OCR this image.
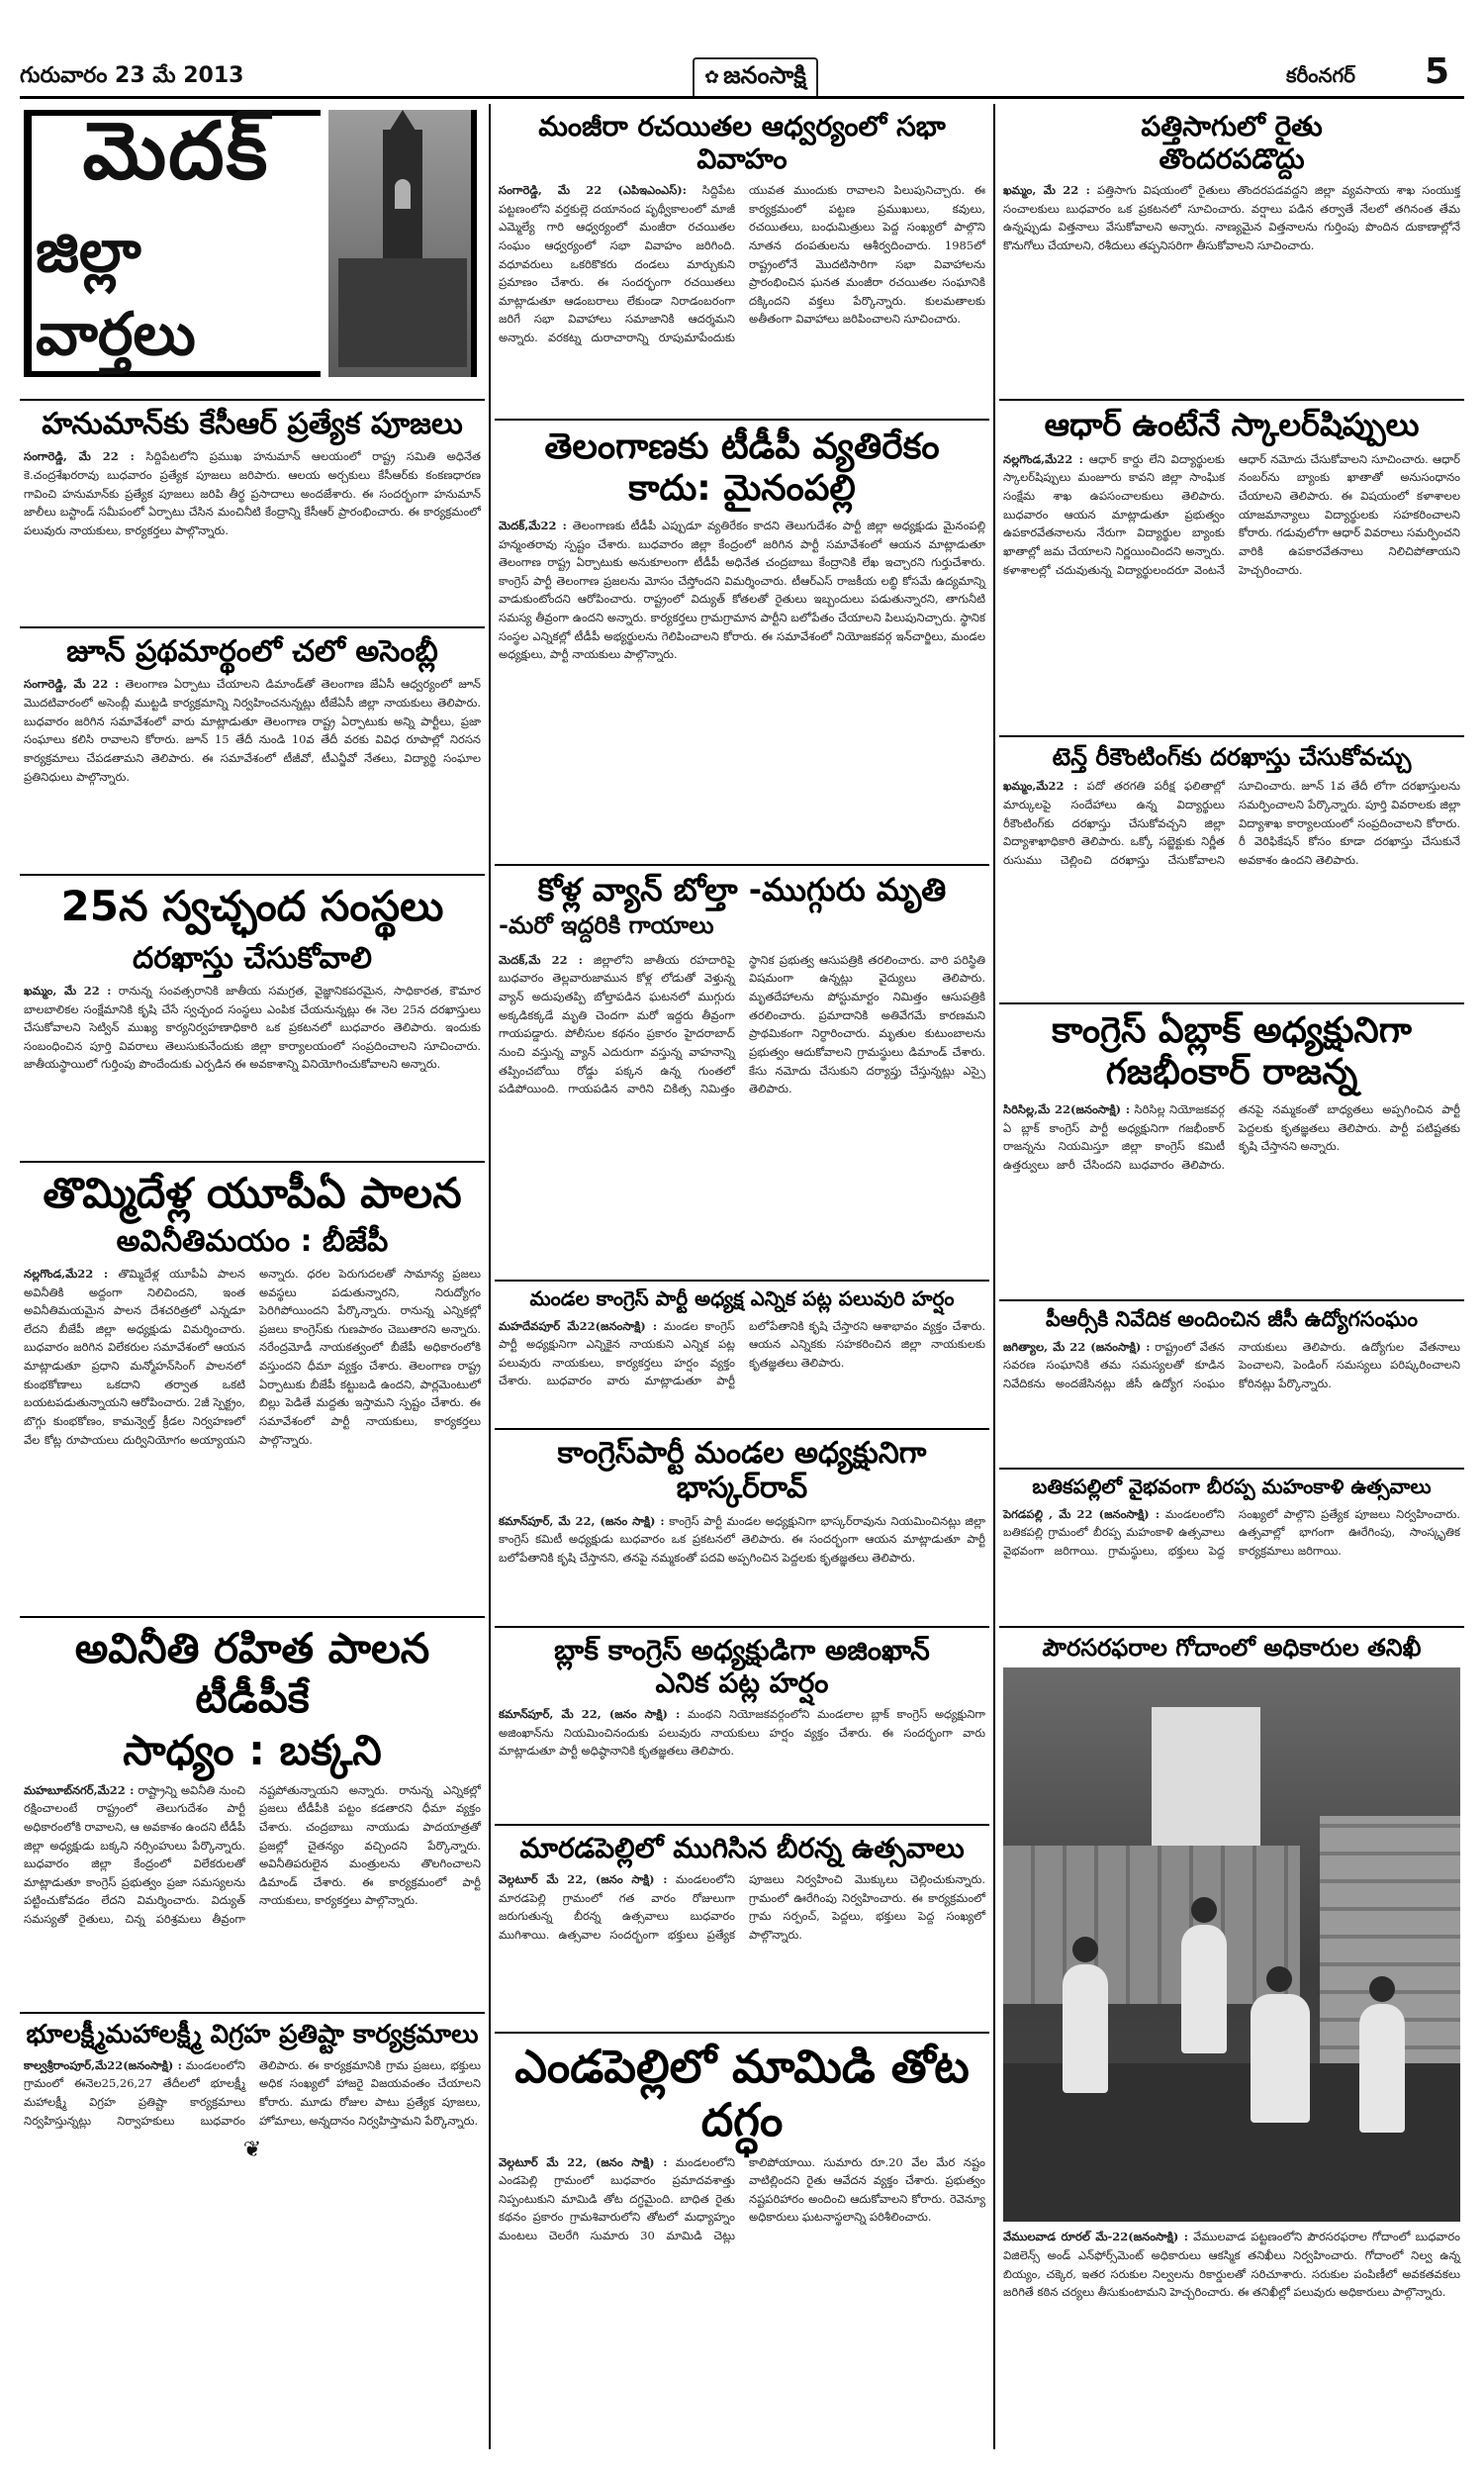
గురువారం 23 మే 2013	✿ జనంసాక్షి	కరీంనగర్ 5
మెదక్
జిల్లా వార్తలు
హనుమాన్‌కు కేసీఆర్ ప్రత్యేక పూజలు
సంగారెడ్డి, మే 22 : సిద్దిపేటలోని ప్రముఖ హనుమాన్ ఆలయంలో రాష్ట్ర సమితి అధినేత కె.చంద్రశేఖరరావు బుధవారం ప్రత్యేక పూజలు జరిపారు. ఆలయ అర్చకులు కేసీఆర్‌కు కంకణధారణ గావించి హనుమాన్‌కు ప్రత్యేక పూజలు జరిపి తీర్థ ప్రసాదాలు అందజేశారు. ఈ సందర్భంగా హనుమాన్ జాలీలు బస్టాండ్ సమీపంలో ఏర్పాటు చేసిన మంచినీటి కేంద్రాన్ని కేసీఆర్ ప్రారంభించారు. ఈ కార్యక్రమంలో పలువురు నాయకులు, కార్యకర్తలు పాల్గొన్నారు.
జూన్ ప్రథమార్థంలో చలో అసెంబ్లీ
సంగారెడ్డి, మే 22 : తెలంగాణ ఏర్పాటు చేయాలని డిమాండ్‌తో తెలంగాణ జేఏసీ ఆధ్వర్యంలో జూన్ మొదటివారంలో అసెంబ్లీ ముట్టడి కార్యక్రమాన్ని నిర్వహించనున్నట్లు టీజేఏసీ జిల్లా నాయకులు తెలిపారు. బుధవారం జరిగిన సమావేశంలో వారు మాట్లాడుతూ తెలంగాణ రాష్ట్ర ఏర్పాటుకు అన్ని పార్టీలు, ప్రజా సంఘాలు కలిసి రావాలని కోరారు. జూన్ 15 తేదీ నుండి 10వ తేదీ వరకు వివిధ రూపాల్లో నిరసన కార్యక్రమాలు చేపడతామని తెలిపారు. ఈ సమావేశంలో టీజీవో, టీఎన్జీవో నేతలు, విద్యార్థి సంఘాల ప్రతినిధులు పాల్గొన్నారు.
25న స్వచ్ఛంద సంస్థలు
దరఖాస్తు చేసుకోవాలి
ఖమ్మం, మే 22 : రానున్న సంవత్సరానికి జాతీయ సమగ్రత, వైజ్ఞానికపరమైన, సాధికారత, కౌమార బాలబాలికల సంక్షేమానికి కృషి చేసే స్వచ్ఛంద సంస్థలు ఎంపిక చేయనున్నట్లు ఈ నెల 25న దరఖాస్తులు చేసుకోవాలని సెట్విన్ ముఖ్య కార్యనిర్వహణాధికారి ఒక ప్రకటనలో బుధవారం తెలిపారు. ఇందుకు సంబంధించిన పూర్తి వివరాలు తెలుసుకునేందుకు జిల్లా కార్యాలయంలో సంప్రదించాలని సూచించారు. జాతీయస్థాయిలో గుర్తింపు పొందేందుకు ఎర్పడిన ఈ అవకాశాన్ని వినియోగించుకోవాలని అన్నారు.
తొమ్మిదేళ్ల యూపీఏ పాలన
అవినీతిమయం : బీజేపీ
నల్లగొండ,మే22 : తొమ్మిదేళ్ల యూపీఏ పాలన అవినీతికి అద్దంగా నిలిచిందని, ఇంత అవినీతిమయమైన పాలన దేశచరిత్రలో ఎన్నడూ లేదని బీజేపీ జిల్లా అధ్యక్షుడు విమర్శించారు. బుధవారం జరిగిన విలేకరుల సమావేశంలో ఆయన మాట్లాడుతూ ప్రధాని మన్మోహన్‌సింగ్ పాలనలో కుంభకోణాలు ఒకదాని తర్వాత ఒకటి బయటపడుతున్నాయని ఆరోపించారు. 2జీ స్పెక్ట్రం, బొగ్గు కుంభకోణం, కామన్వెల్త్ క్రీడల నిర్వహణలో వేల కోట్ల రూపాయలు దుర్వినియోగం అయ్యాయని అన్నారు. ధరల పెరుగుదలతో సామాన్య ప్రజలు అవస్థలు పడుతున్నారని, నిరుద్యోగం పెరిగిపోయిందని పేర్కొన్నారు. రానున్న ఎన్నికల్లో ప్రజలు కాంగ్రెస్‌కు గుణపాఠం చెబుతారని అన్నారు. నరేంద్రమోడీ నాయకత్వంలో బీజేపీ అధికారంలోకి వస్తుందని ధీమా వ్యక్తం చేశారు. తెలంగాణ రాష్ట్ర ఏర్పాటుకు బీజేపీ కట్టుబడి ఉందని, పార్లమెంటులో బిల్లు పెడితే మద్దతు ఇస్తామని స్పష్టం చేశారు. ఈ సమావేశంలో పార్టీ నాయకులు, కార్యకర్తలు పాల్గొన్నారు.
అవినీతి రహిత పాలన టీడీపీకే
సాధ్యం : బక్కని
మహబూబ్‌నగర్,మే22 : రాష్ట్రాన్ని అవినీతి నుంచి రక్షించాలంటే రాష్ట్రంలో తెలుగుదేశం పార్టీ అధికారంలోకి రావాలని, ఆ అవకాశం ఉందని టీడీపీ జిల్లా అధ్యక్షుడు బక్కని నర్సింహులు పేర్కొన్నారు. బుధవారం జిల్లా కేంద్రంలో విలేకరులతో మాట్లాడుతూ కాంగ్రెస్ ప్రభుత్వం ప్రజా సమస్యలను పట్టించుకోవడం లేదని విమర్శించారు. విద్యుత్ సమస్యతో రైతులు, చిన్న పరిశ్రమలు తీవ్రంగా నష్టపోతున్నాయని అన్నారు. రానున్న ఎన్నికల్లో ప్రజలు టీడీపీకి పట్టం కడతారని ధీమా వ్యక్తం చేశారు. చంద్రబాబు నాయుడు పాదయాత్రతో ప్రజల్లో చైతన్యం వచ్చిందని పేర్కొన్నారు. అవినీతిపరులైన మంత్రులను తొలగించాలని డిమాండ్ చేశారు. ఈ కార్యక్రమంలో పార్టీ నాయకులు, కార్యకర్తలు పాల్గొన్నారు.
భూలక్ష్మీమహాలక్ష్మీ విగ్రహ ప్రతిష్టా కార్యక్రమాలు
కాల్వశ్రీరాంపూర్,మే22(జనంసాక్షి) : మండలంలోని గ్రామంలో ఈనెల25,26,27 తేదీలలో భూలక్ష్మీ మహాలక్ష్మీ విగ్రహ ప్రతిష్టా కార్యక్రమాలు నిర్వహిస్తున్నట్లు నిర్వాహకులు బుధవారం తెలిపారు. ఈ కార్యక్రమానికి గ్రామ ప్రజలు, భక్తులు అధిక సంఖ్యలో హాజరై విజయవంతం చేయాలని కోరారు. మూడు రోజుల పాటు ప్రత్యేక పూజలు, హోమాలు, అన్నదానం నిర్వహిస్తామని పేర్కొన్నారు.
❦
మంజీరా రచయితల ఆధ్వర్యంలో సభా వివాహం
సంగారెడ్డి, మే 22 (ఎపిఇఎంఎస్): సిద్దిపేట పట్టణంలోని వర్తకుల్లె దయానంద పృథ్వీకాలంలో మాజీ ఎమ్మెల్యే గారి ఆధ్వర్యంలో మంజీరా రచయితల సంఘం ఆధ్వర్యంలో సభా వివాహం జరిగింది. వధూవరులు ఒకరికొకరు దండలు మార్చుకుని ప్రమాణం చేశారు. ఈ సందర్భంగా రచయితలు మాట్లాడుతూ ఆడంబరాలు లేకుండా నిరాడంబరంగా జరిగే సభా వివాహాలు సమాజానికి ఆదర్శమని అన్నారు. వరకట్న దురాచారాన్ని రూపుమాపేందుకు యువత ముందుకు రావాలని పిలుపునిచ్చారు. ఈ కార్యక్రమంలో పట్టణ ప్రముఖులు, కవులు, రచయితలు, బంధుమిత్రులు పెద్ద సంఖ్యలో పాల్గొని నూతన దంపతులను ఆశీర్వదించారు. 1985లో రాష్ట్రంలోనే మొదటిసారిగా సభా వివాహాలను ప్రారంభించిన ఘనత మంజీరా రచయితల సంఘానికి దక్కిందని వక్తలు పేర్కొన్నారు. కులమతాలకు అతీతంగా వివాహాలు జరిపించాలని సూచించారు.
తెలంగాణకు టీడీపీ వ్యతిరేకం
కాదు: మైనంపల్లి
మెదక్,మే22 : తెలంగాణకు టీడీపీ ఎప్పుడూ వ్యతిరేకం కాదని తెలుగుదేశం పార్టీ జిల్లా అధ్యక్షుడు మైనంపల్లి హన్మంతరావు స్పష్టం చేశారు. బుధవారం జిల్లా కేంద్రంలో జరిగిన పార్టీ సమావేశంలో ఆయన మాట్లాడుతూ తెలంగాణ రాష్ట్ర ఏర్పాటుకు అనుకూలంగా టీడీపీ అధినేత చంద్రబాబు కేంద్రానికి లేఖ ఇచ్చారని గుర్తుచేశారు. కాంగ్రెస్ పార్టీ తెలంగాణ ప్రజలను మోసం చేస్తోందని విమర్శించారు. టీఆర్ఎస్ రాజకీయ లబ్ధి కోసమే ఉద్యమాన్ని వాడుకుంటోందని ఆరోపించారు. రాష్ట్రంలో విద్యుత్ కోతలతో రైతులు ఇబ్బందులు పడుతున్నారని, తాగునీటి సమస్య తీవ్రంగా ఉందని అన్నారు. కార్యకర్తలు గ్రామగ్రామాన పార్టీని బలోపేతం చేయాలని పిలుపునిచ్చారు. స్థానిక సంస్థల ఎన్నికల్లో టీడీపీ అభ్యర్థులను గెలిపించాలని కోరారు. ఈ సమావేశంలో నియోజకవర్గ ఇన్‌చార్జిలు, మండల అధ్యక్షులు, పార్టీ నాయకులు పాల్గొన్నారు.
కోళ్ల వ్యాన్ బోల్తా -ముగ్గురు మృతి
-మరో ఇద్దరికి గాయాలు
మెదక్,మే 22 : జిల్లాలోని జాతీయ రహదారిపై బుధవారం తెల్లవారుజామున కోళ్ల లోడుతో వెళ్తున్న వ్యాన్ అదుపుతప్పి బోల్తాపడిన ఘటనలో ముగ్గురు అక్కడికక్కడే మృతి చెందగా మరో ఇద్దరు తీవ్రంగా గాయపడ్డారు. పోలీసుల కథనం ప్రకారం హైదరాబాద్ నుంచి వస్తున్న వ్యాన్ ఎదురుగా వస్తున్న వాహనాన్ని తప్పించబోయి రోడ్డు పక్కన ఉన్న గుంతలో పడిపోయింది. గాయపడిన వారిని చికిత్స నిమిత్తం స్థానిక ప్రభుత్వ ఆసుపత్రికి తరలించారు. వారి పరిస్థితి విషమంగా ఉన్నట్లు వైద్యులు తెలిపారు. మృతదేహాలను పోస్టుమార్టం నిమిత్తం ఆసుపత్రికి తరలించారు. ప్రమాదానికి అతివేగమే కారణమని ప్రాథమికంగా నిర్ధారించారు. మృతుల కుటుంబాలను ప్రభుత్వం ఆదుకోవాలని గ్రామస్థులు డిమాండ్ చేశారు. కేసు నమోదు చేసుకుని దర్యాప్తు చేస్తున్నట్లు ఎస్సై తెలిపారు.
మండల కాంగ్రెస్ పార్టీ అధ్యక్ష ఎన్నిక పట్ల పలువురి హర్షం
మహదేవపూర్ మే22(జనంసాక్షి) : మండల కాంగ్రెస్ పార్టీ అధ్యక్షునిగా ఎన్నికైన నాయకుని ఎన్నిక పట్ల పలువురు నాయకులు, కార్యకర్తలు హర్షం వ్యక్తం చేశారు. బుధవారం వారు మాట్లాడుతూ పార్టీ బలోపేతానికి కృషి చేస్తారని ఆశాభావం వ్యక్తం చేశారు. ఆయన ఎన్నికకు సహకరించిన జిల్లా నాయకులకు కృతజ్ఞతలు తెలిపారు.
కాంగ్రెస్‌పార్టీ మండల అధ్యక్షునిగా
భాస్కర్‌రావ్
కమాన్‌పూర్, మే 22, (జనం సాక్షి) : కాంగ్రెస్ పార్టీ మండల అధ్యక్షునిగా భాస్కర్‌రావును నియమించినట్లు జిల్లా కాంగ్రెస్ కమిటీ అధ్యక్షుడు బుధవారం ఒక ప్రకటనలో తెలిపారు. ఈ సందర్భంగా ఆయన మాట్లాడుతూ పార్టీ బలోపేతానికి కృషి చేస్తానని, తనపై నమ్మకంతో పదవి అప్పగించిన పెద్దలకు కృతజ్ఞతలు తెలిపారు.
బ్లాక్ కాంగ్రెస్ అధ్యక్షుడిగా అజింఖాన్
ఎనిక పట్ల హర్షం
కమాన్‌పూర్, మే 22, (జనం సాక్షి) : మంథని నియోజకవర్గంలోని మండలాల బ్లాక్ కాంగ్రెస్ అధ్యక్షునిగా అజింఖాన్‌ను నియమించినందుకు పలువురు నాయకులు హర్షం వ్యక్తం చేశారు. ఈ సందర్భంగా వారు మాట్లాడుతూ పార్టీ అధిష్ఠానానికి కృతజ్ఞతలు తెలిపారు.
మారడపెల్లిలో ముగిసిన బీరన్న ఉత్సవాలు
వెల్గటూర్ మే 22, (జనం సాక్షి) : మండలంలోని మారడపెల్లి గ్రామంలో గత వారం రోజులుగా జరుగుతున్న బీరన్న ఉత్సవాలు బుధవారం ముగిశాయి. ఉత్సవాల సందర్భంగా భక్తులు ప్రత్యేక పూజలు నిర్వహించి మొక్కులు చెల్లించుకున్నారు. గ్రామంలో ఊరేగింపు నిర్వహించారు. ఈ కార్యక్రమంలో గ్రామ సర్పంచ్, పెద్దలు, భక్తులు పెద్ద సంఖ్యలో పాల్గొన్నారు.
ఎండపెల్లిలో మామిడి తోట దగ్ధం
వెల్గటూర్ మే 22, (జనం సాక్షి) : మండలంలోని ఎండపెల్లి గ్రామంలో బుధవారం ప్రమాదవశాత్తు నిప్పంటుకుని మామిడి తోట దగ్ధమైంది. బాధిత రైతు కథనం ప్రకారం గ్రామశివారులోని తోటలో మధ్యాహ్నం మంటలు చెలరేగి సుమారు 30 మామిడి చెట్లు కాలిపోయాయి. సుమారు రూ.20 వేల మేర నష్టం వాటిల్లిందని రైతు ఆవేదన వ్యక్తం చేశారు. ప్రభుత్వం నష్టపరిహారం అందించి ఆదుకోవాలని కోరారు. రెవెన్యూ అధికారులు ఘటనాస్థలాన్ని పరిశీలించారు.
పత్తిసాగులో రైతు
తొందరపడొద్దు
ఖమ్మం, మే 22 : పత్తిసాగు విషయంలో రైతులు తొందరపడవద్దని జిల్లా వ్యవసాయ శాఖ సంయుక్త సంచాలకులు బుధవారం ఒక ప్రకటనలో సూచించారు. వర్షాలు పడిన తర్వాతే నేలలో తగినంత తేమ ఉన్నప్పుడు విత్తనాలు వేసుకోవాలని అన్నారు. నాణ్యమైన విత్తనాలను గుర్తింపు పొందిన దుకాణాల్లోనే కొనుగోలు చేయాలని, రశీదులు తప్పనిసరిగా తీసుకోవాలని సూచించారు.
ఆధార్ ఉంటేనే స్కాలర్‌షిప్పులు
నల్లగొండ,మే22 : ఆధార్ కార్డు లేని విద్యార్థులకు స్కాలర్‌షిప్పులు మంజూరు కావని జిల్లా సాంఘిక సంక్షేమ శాఖ ఉపసంచాలకులు తెలిపారు. బుధవారం ఆయన మాట్లాడుతూ ప్రభుత్వం ఉపకారవేతనాలను నేరుగా విద్యార్థుల బ్యాంకు ఖాతాల్లో జమ చేయాలని నిర్ణయించిందని అన్నారు. కళాశాలల్లో చదువుతున్న విద్యార్థులందరూ వెంటనే ఆధార్ నమోదు చేసుకోవాలని సూచించారు. ఆధార్ నంబర్‌ను బ్యాంకు ఖాతాతో అనుసంధానం చేయాలని తెలిపారు. ఈ విషయంలో కళాశాలల యాజమాన్యాలు విద్యార్థులకు సహకరించాలని కోరారు. గడువులోగా ఆధార్ వివరాలు సమర్పించని వారికి ఉపకారవేతనాలు నిలిచిపోతాయని హెచ్చరించారు.
టెన్త్ రీకౌంటింగ్‌కు దరఖాస్తు చేసుకోవచ్చు
ఖమ్మం,మే22 : పదో తరగతి పరీక్ష ఫలితాల్లో మార్కులపై సందేహాలు ఉన్న విద్యార్థులు రీకౌంటింగ్‌కు దరఖాస్తు చేసుకోవచ్చని జిల్లా విద్యాశాఖాధికారి తెలిపారు. ఒక్కో సబ్జెక్టుకు నిర్ణీత రుసుము చెల్లించి దరఖాస్తు చేసుకోవాలని సూచించారు. జూన్ 1వ తేదీ లోగా దరఖాస్తులను సమర్పించాలని పేర్కొన్నారు. పూర్తి వివరాలకు జిల్లా విద్యాశాఖ కార్యాలయంలో సంప్రదించాలని కోరారు. రీ వెరిఫికేషన్ కోసం కూడా దరఖాస్తు చేసుకునే అవకాశం ఉందని తెలిపారు.
కాంగ్రెస్ ఏబ్లాక్ అధ్యక్షునిగా
గజభీంకార్ రాజన్న
సిరిసిల్ల,మే 22(జనంసాక్షి) : సిరిసిల్ల నియోజకవర్గ ఏ బ్లాక్ కాంగ్రెస్ పార్టీ అధ్యక్షునిగా గజభీంకార్ రాజన్నను నియమిస్తూ జిల్లా కాంగ్రెస్ కమిటీ ఉత్తర్వులు జారీ చేసిందని బుధవారం తెలిపారు. తనపై నమ్మకంతో బాధ్యతలు అప్పగించిన పార్టీ పెద్దలకు కృతజ్ఞతలు తెలిపారు. పార్టీ పటిష్టతకు కృషి చేస్తానని అన్నారు.
పీఆర్సీకి నివేదిక అందించిన జీసీ ఉద్యోగసంఘం
జగిత్యాల, మే 22 (జనంసాక్షి) : రాష్ట్రంలో వేతన సవరణ సంఘానికి తమ సమస్యలతో కూడిన నివేదికను అందజేసినట్లు జీసీ ఉద్యోగ సంఘం నాయకులు తెలిపారు. ఉద్యోగుల వేతనాలు పెంచాలని, పెండింగ్ సమస్యలు పరిష్కరించాలని కోరినట్లు పేర్కొన్నారు.
బతికపల్లిలో వైభవంగా బీరప్ప మహంకాళి ఉత్సవాలు
పెగడపల్లి , మే 22 (జనంసాక్షి) : మండలంలోని బతికపల్లి గ్రామంలో బీరప్ప మహంకాళి ఉత్సవాలు వైభవంగా జరిగాయి. గ్రామస్థులు, భక్తులు పెద్ద సంఖ్యలో పాల్గొని ప్రత్యేక పూజలు నిర్వహించారు. ఉత్సవాల్లో భాగంగా ఊరేగింపు, సాంస్కృతిక కార్యక్రమాలు జరిగాయి.
పౌరసరఫరాల గోదాంలో అధికారుల తనిఖీ
వేములవాడ రూరల్ మే-22(జనంసాక్షి) : వేములవాడ పట్టణంలోని పౌరసరఫరాల గోదాంలో బుధవారం విజిలెన్స్ అండ్ ఎన్‌ఫోర్స్‌మెంట్ అధికారులు ఆకస్మిక తనిఖీలు నిర్వహించారు. గోదాంలో నిల్వ ఉన్న బియ్యం, చక్కెర, ఇతర సరుకుల నిల్వలను రికార్డులతో సరిచూశారు. సరుకుల పంపిణీలో అవకతవకలు జరిగితే కఠిన చర్యలు తీసుకుంటామని హెచ్చరించారు. ఈ తనిఖీల్లో పలువురు అధికారులు పాల్గొన్నారు.
